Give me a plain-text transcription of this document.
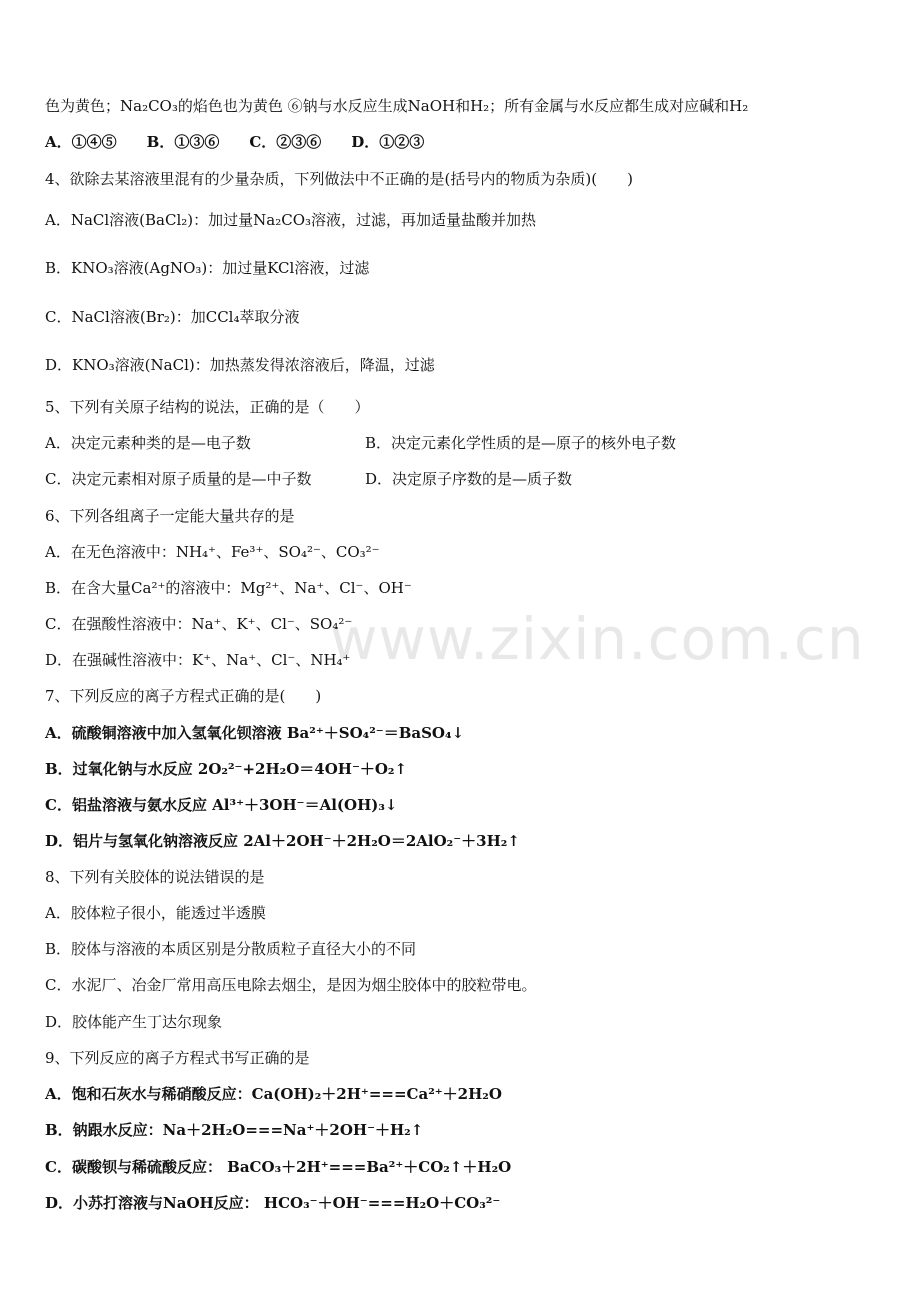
www.zixin.com.cn
色为黄色；Na₂CO₃的焰色也为黄色 ⑥钠与水反应生成NaOH和H₂；所有金属与水反应都生成对应碱和H₂
A．①④⑤　　B．①③⑥　　C．②③⑥　　D．①②③
4、欲除去某溶液里混有的少量杂质，下列做法中不正确的是(括号内的物质为杂质)(　　)
A．NaCl溶液(BaCl₂)：加过量Na₂CO₃溶液，过滤，再加适量盐酸并加热
B．KNO₃溶液(AgNO₃)：加过量KCl溶液，过滤
C．NaCl溶液(Br₂)：加CCl₄萃取分液
D．KNO₃溶液(NaCl)：加热蒸发得浓溶液后，降温，过滤
5、下列有关原子结构的说法，正确的是（　　）
A．决定元素种类的是—电子数	B．决定元素化学性质的是—原子的核外电子数
C．决定元素相对原子质量的是—中子数	D．决定原子序数的是—质子数
6、下列各组离子一定能大量共存的是
A．在无色溶液中：NH₄⁺、Fe³⁺、SO₄²⁻、CO₃²⁻
B．在含大量Ca²⁺的溶液中：Mg²⁺、Na⁺、Cl⁻、OH⁻
C．在强酸性溶液中：Na⁺、K⁺、Cl⁻、SO₄²⁻
D．在强碱性溶液中：K⁺、Na⁺、Cl⁻、NH₄⁺
7、下列反应的离子方程式正确的是(　　)
A．硫酸铜溶液中加入氢氧化钡溶液 Ba²⁺＋SO₄²⁻＝BaSO₄↓
B．过氧化钠与水反应 2O₂²⁻+2H₂O＝4OH⁻＋O₂↑
C．铝盐溶液与氨水反应 Al³⁺＋3OH⁻＝Al(OH)₃↓
D．铝片与氢氧化钠溶液反应 2Al＋2OH⁻＋2H₂O＝2AlO₂⁻＋3H₂↑
8、下列有关胶体的说法错误的是
A．胶体粒子很小，能透过半透膜
B．胶体与溶液的本质区别是分散质粒子直径大小的不同
C．水泥厂、冶金厂常用高压电除去烟尘，是因为烟尘胶体中的胶粒带电。
D．胶体能产生丁达尔现象
9、下列反应的离子方程式书写正确的是
A．饱和石灰水与稀硝酸反应：Ca(OH)₂＋2H⁺===Ca²⁺＋2H₂O
B．钠跟水反应：Na＋2H₂O===Na⁺＋2OH⁻＋H₂↑
C．碳酸钡与稀硫酸反应： BaCO₃＋2H⁺===Ba²⁺＋CO₂↑＋H₂O
D．小苏打溶液与NaOH反应： HCO₃⁻＋OH⁻===H₂O＋CO₃²⁻
